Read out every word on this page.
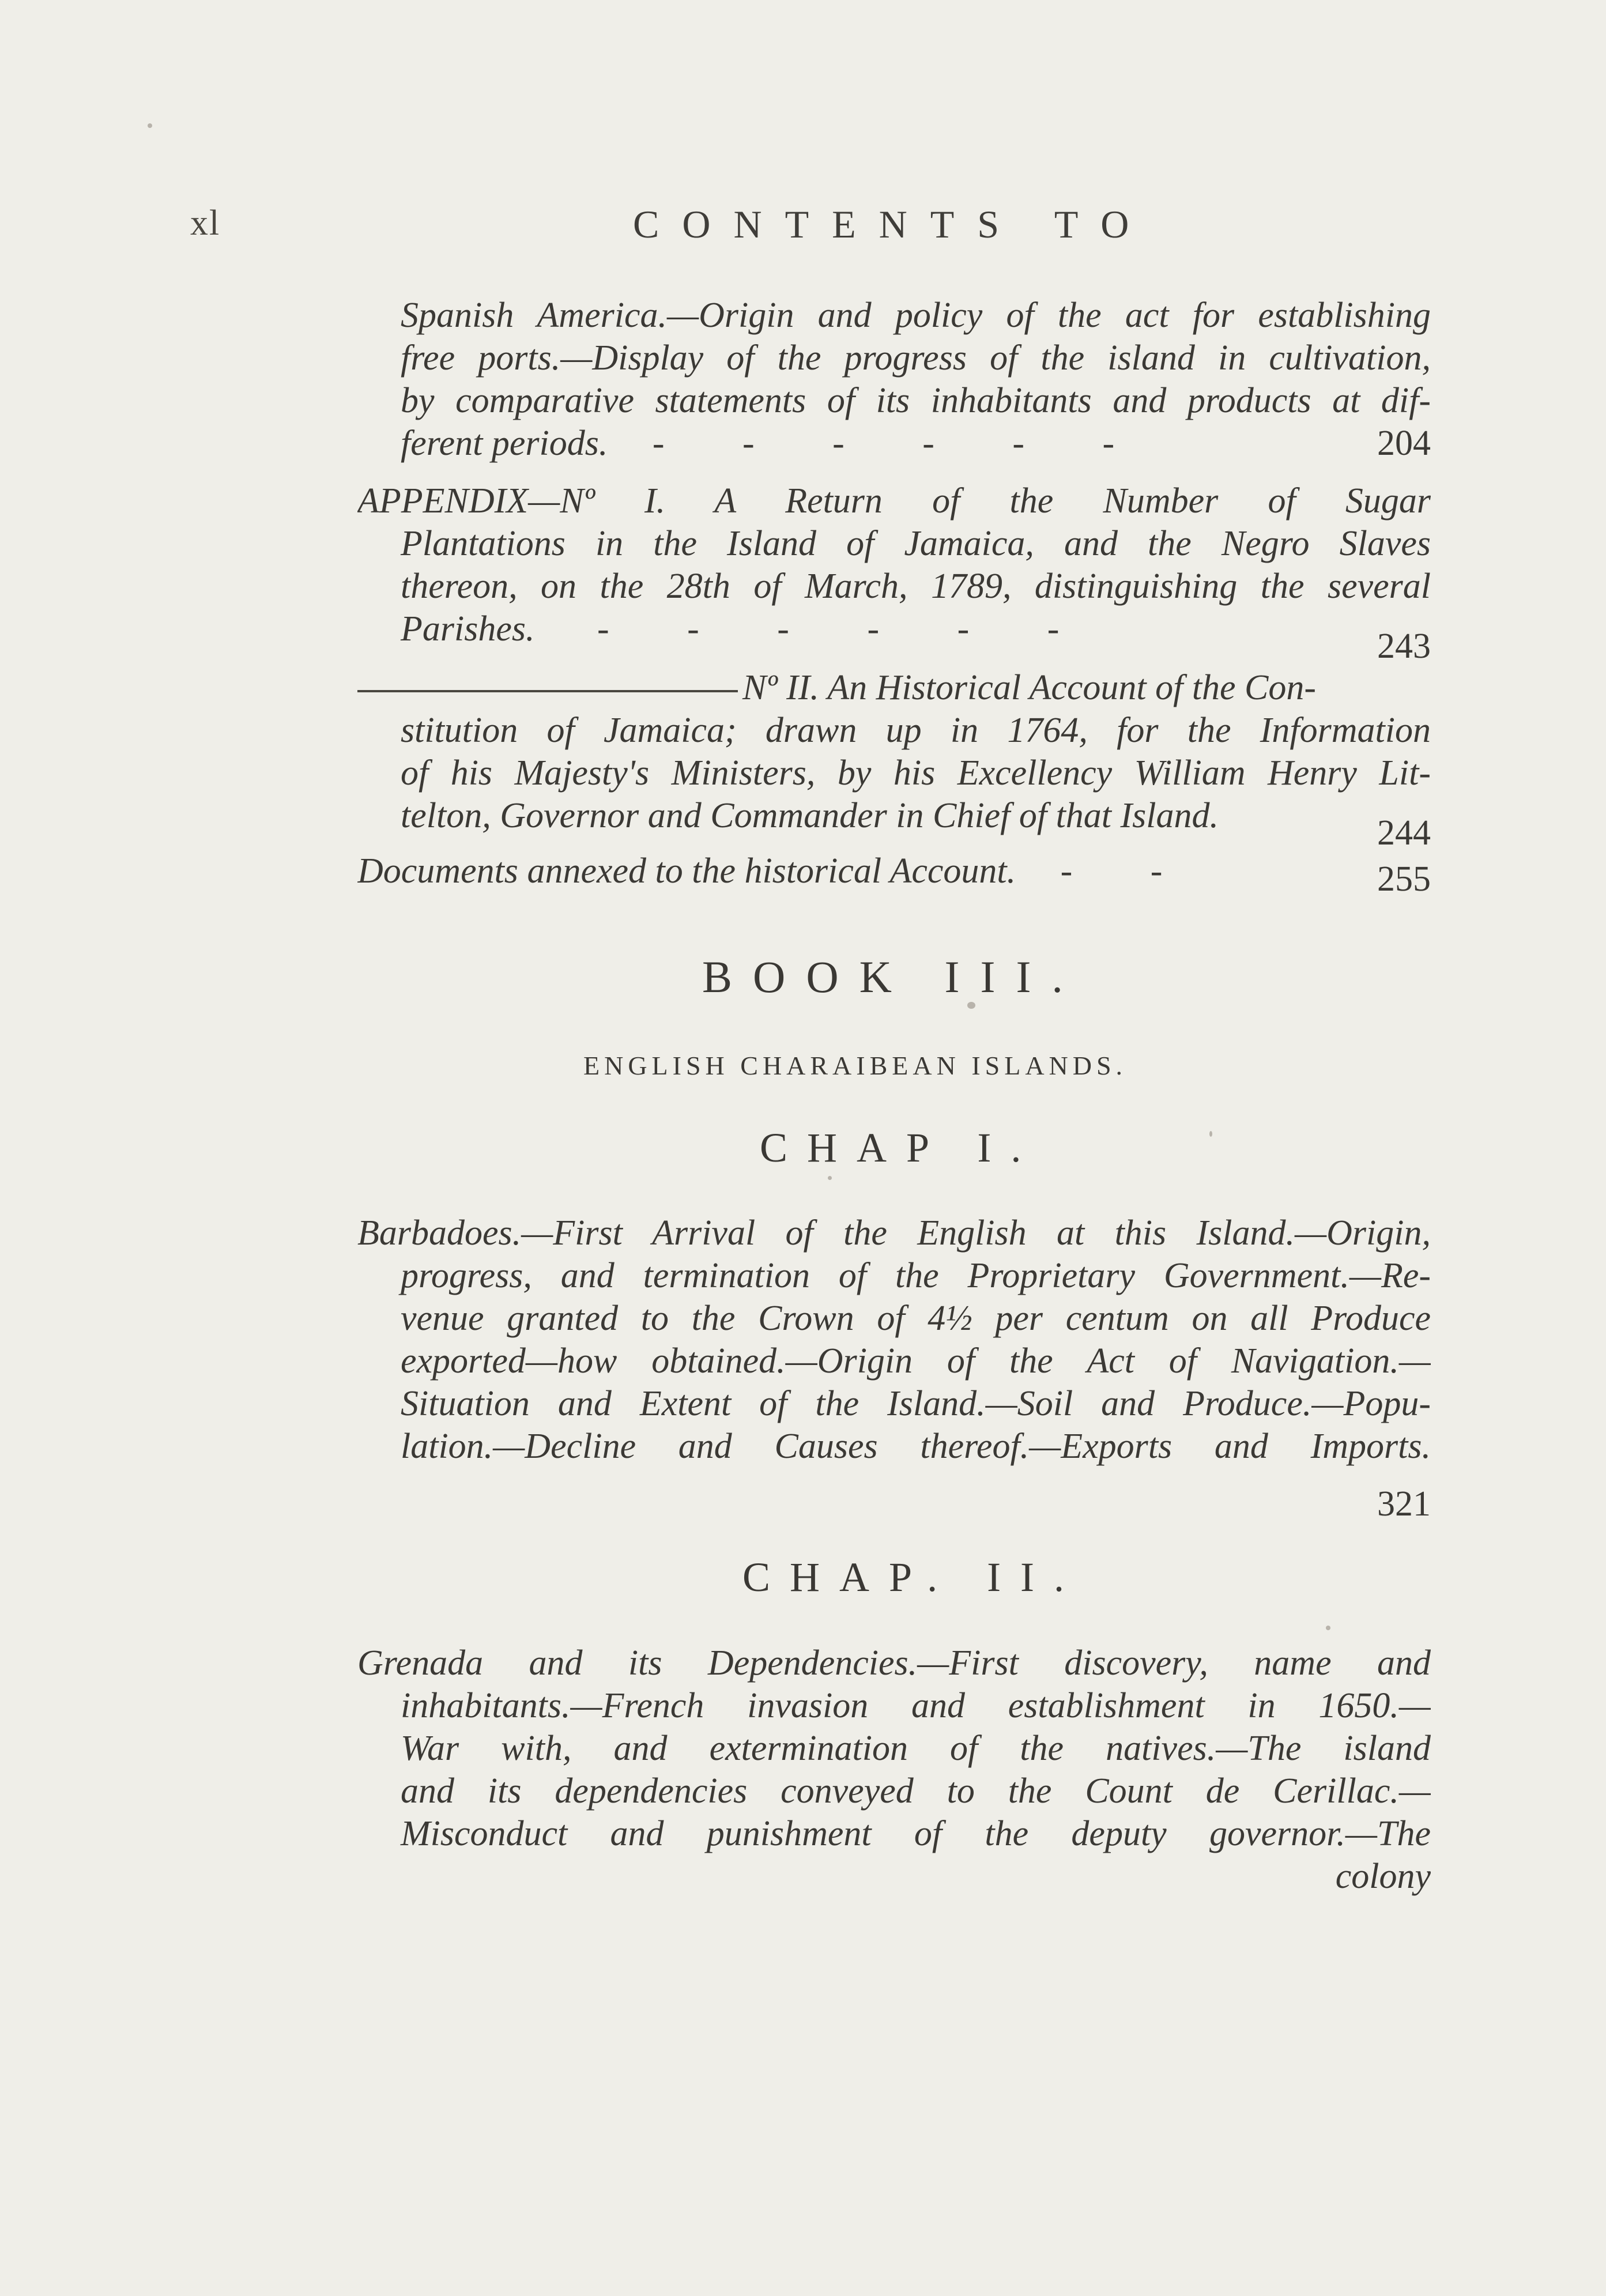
xl	CONTENTS TO
Spanish America.—Origin and policy of the act for establishing
free ports.—Display of the progress of the island in cultivation,
by comparative statements of its inhabitants and products at dif-
ferent periods. - - - - - -	204
APPENDIX—Nº I. A Return of the Number of Sugar
Plantations in the Island of Jamaica, and the Negro Slaves
thereon, on the 28th of March, 1789, distinguishing the several
Parishes. - - - - - -	243
Nº II. An Historical Account of the Con-
stitution of Jamaica; drawn up in 1764, for the Information
of his Majesty's Ministers, by his Excellency William Henry Lit-
telton, Governor and Commander in Chief of that Island.	244
Documents annexed to the historical Account. - -	255
BOOK III.
ENGLISH CHARAIBEAN ISLANDS.
CHAP I.
Barbadoes.—First Arrival of the English at this Island.—Origin,
progress, and termination of the Proprietary Government.—Re-
venue granted to the Crown of 4½ per centum on all Produce
exported—how obtained.—Origin of the Act of Navigation.—
Situation and Extent of the Island.—Soil and Produce.—Popu-
lation.—Decline and Causes thereof.—Exports and Imports.
321
CHAP. II.
Grenada and its Dependencies.—First discovery, name and
inhabitants.—French invasion and establishment in 1650.—
War with, and extermination of the natives.—The island
and its dependencies conveyed to the Count de Cerillac.—
Misconduct and punishment of the deputy governor.—The
colony
